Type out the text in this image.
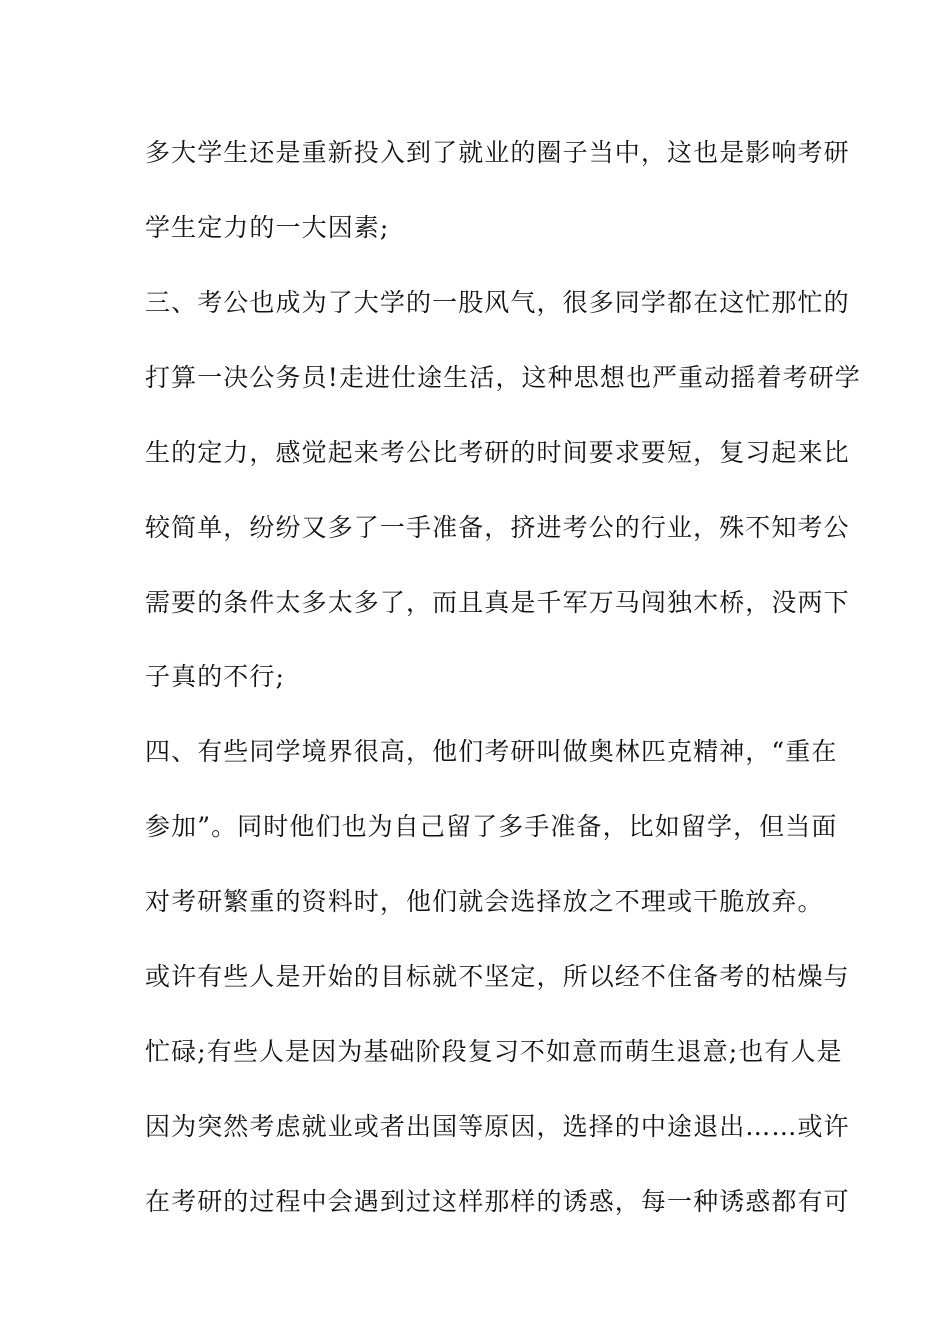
多大学生还是重新投入到了就业的圈子当中，这也是影响考研
学生定力的一大因素;
三、考公也成为了大学的一股风气，很多同学都在这忙那忙的
打算一决公务员!走进仕途生活，这种思想也严重动摇着考研学
生的定力，感觉起来考公比考研的时间要求要短，复习起来比
较简单，纷纷又多了一手准备，挤进考公的行业，殊不知考公
需要的条件太多太多了，而且真是千军万马闯独木桥，没两下
子真的不行;
四、有些同学境界很高，他们考研叫做奥林匹克精神，“重在
参加”。同时他们也为自己留了多手准备，比如留学，但当面
对考研繁重的资料时，他们就会选择放之不理或干脆放弃。
或许有些人是开始的目标就不坚定，所以经不住备考的枯燥与
忙碌;有些人是因为基础阶段复习不如意而萌生退意;也有人是
因为突然考虑就业或者出国等原因，选择的中途退出……或许
在考研的过程中会遇到过这样那样的诱惑，每一种诱惑都有可
